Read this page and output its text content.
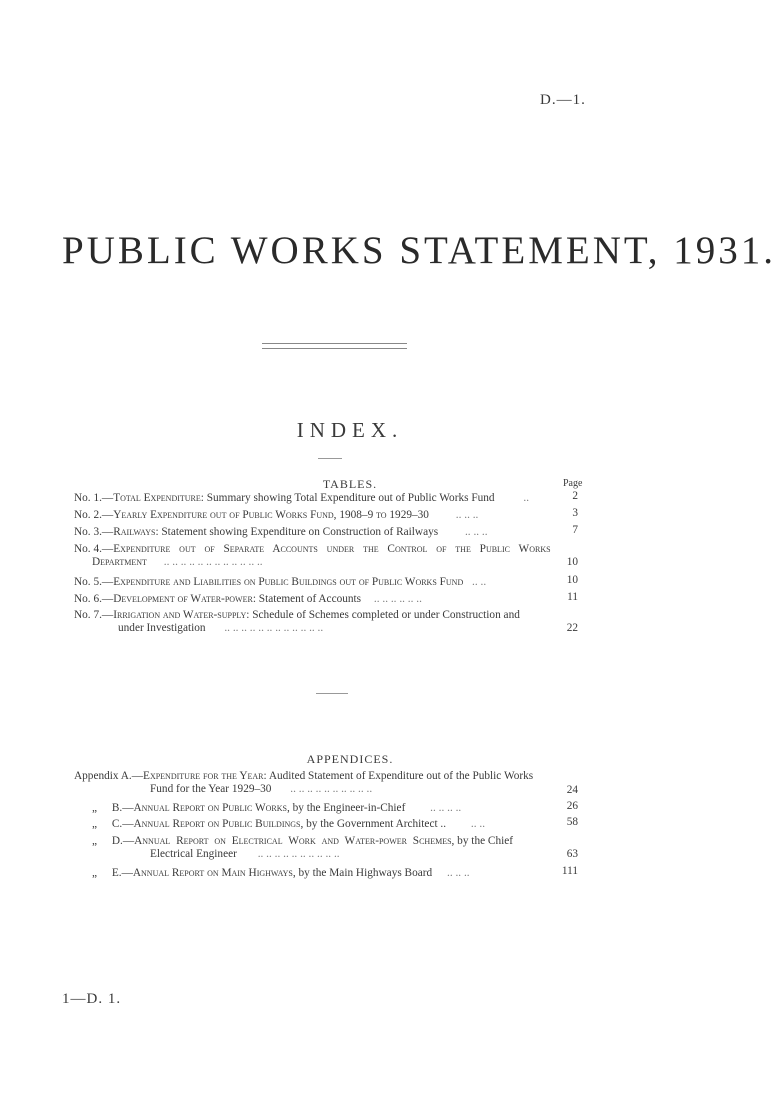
D.—1.
PUBLIC WORKS STATEMENT, 1931.
INDEX.
TABLES.	Page
No. 1.—Total Expenditure: Summary showing Total Expenditure out of Public Works Fund	..	2
No. 2.—Yearly Expenditure out of Public Works Fund, 1908–9 to 1929–30 .. .. ..	3
No. 3.—Railways: Statement showing Expenditure on Construction of Railways .. .. ..	7
No. 4.—Expenditure out of Separate Accounts under the Control of the Public Works
Department .. .. .. .. .. .. .. .. .. .. .. ..	10
No. 5.—Expenditure and Liabilities on Public Buildings out of Public Works Fund .. ..	10
No. 6.—Development of Water-power: Statement of Accounts .. .. .. .. .. ..	11
No. 7.—Irrigation and Water-supply: Schedule of Schemes completed or under Construction and
under Investigation .. .. .. .. .. .. .. .. .. .. .. ..	22
APPENDICES.
Appendix A.—Expenditure for the Year: Audited Statement of Expenditure out of the Public Works
Fund for the Year 1929–30 .. .. .. .. .. .. .. .. .. ..	24
„ B.—Annual Report on Public Works, by the Engineer-in-Chief .. .. .. ..	26
„ C.—Annual Report on Public Buildings, by the Government Architect .. .. ..	58
„ D.—Annual Report on Electrical Work and Water-power Schemes, by the Chief
Electrical Engineer .. .. .. .. .. .. .. .. .. ..	63
„ E.—Annual Report on Main Highways, by the Main Highways Board .. .. ..	111
1—D. 1.
